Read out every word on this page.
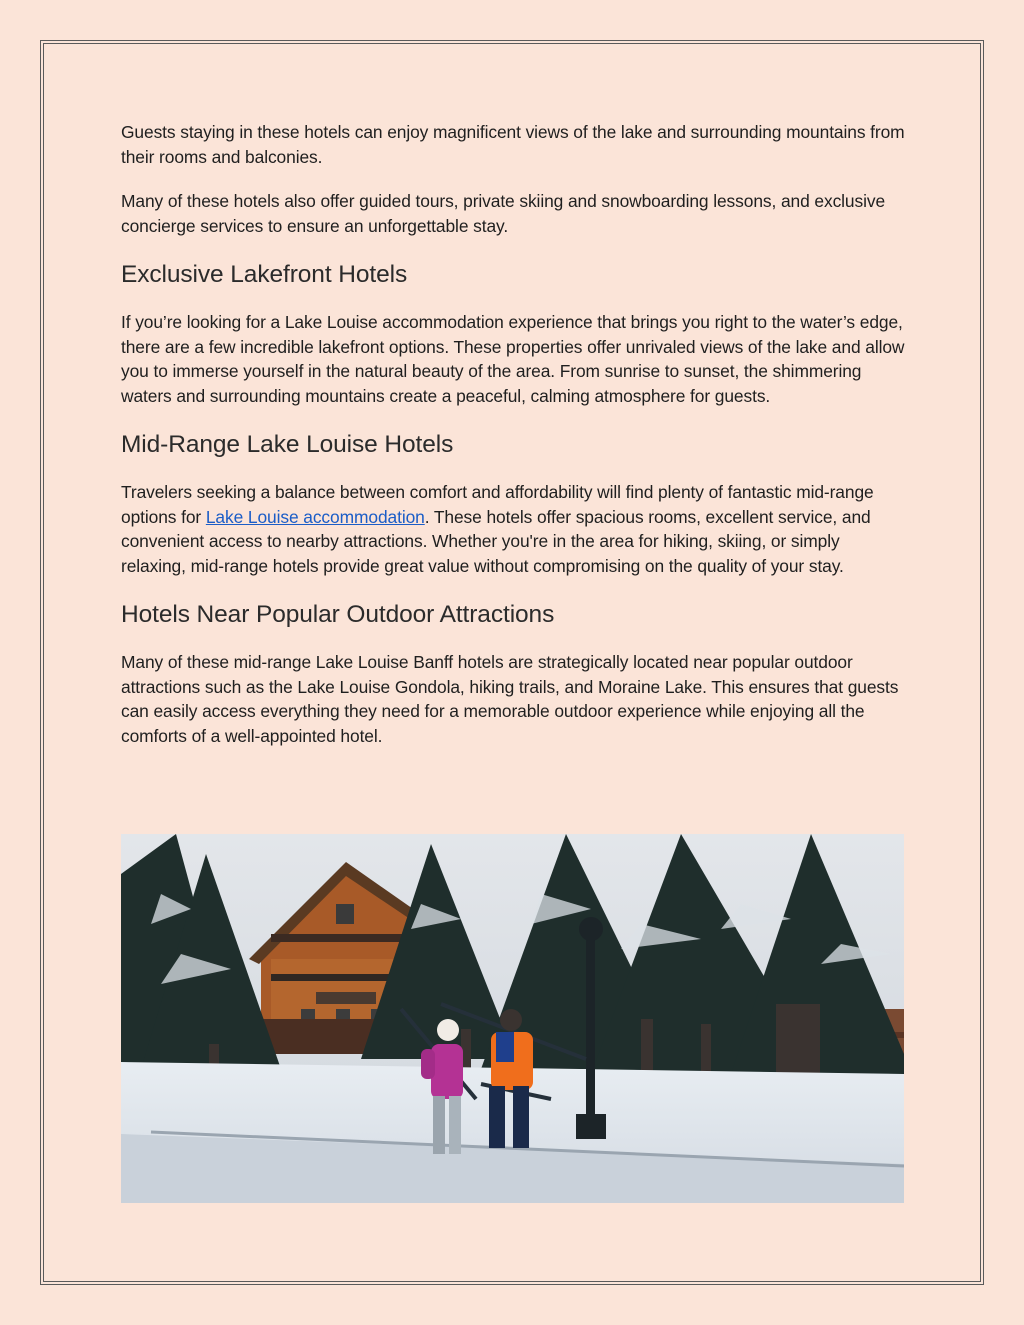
Guests staying in these hotels can enjoy magnificent views of the lake and surrounding mountains from their rooms and balconies.

Many of these hotels also offer guided tours, private skiing and snowboarding lessons, and exclusive concierge services to ensure an unforgettable stay.

Exclusive Lakefront Hotels

If you’re looking for a Lake Louise accommodation experience that brings you right to the water’s edge, there are a few incredible lakefront options. These properties offer unrivaled views of the lake and allow you to immerse yourself in the natural beauty of the area. From sunrise to sunset, the shimmering waters and surrounding mountains create a peaceful, calming atmosphere for guests.

Mid-Range Lake Louise Hotels

Travelers seeking a balance between comfort and affordability will find plenty of fantastic mid-range options for Lake Louise accommodation. These hotels offer spacious rooms, excellent service, and convenient access to nearby attractions. Whether you're in the area for hiking, skiing, or simply relaxing, mid-range hotels provide great value without compromising on the quality of your stay.

Hotels Near Popular Outdoor Attractions

Many of these mid-range Lake Louise Banff hotels are strategically located near popular outdoor attractions such as the Lake Louise Gondola, hiking trails, and Moraine Lake. This ensures that guests can easily access everything they need for a memorable outdoor experience while enjoying all the comforts of a well-appointed hotel.
